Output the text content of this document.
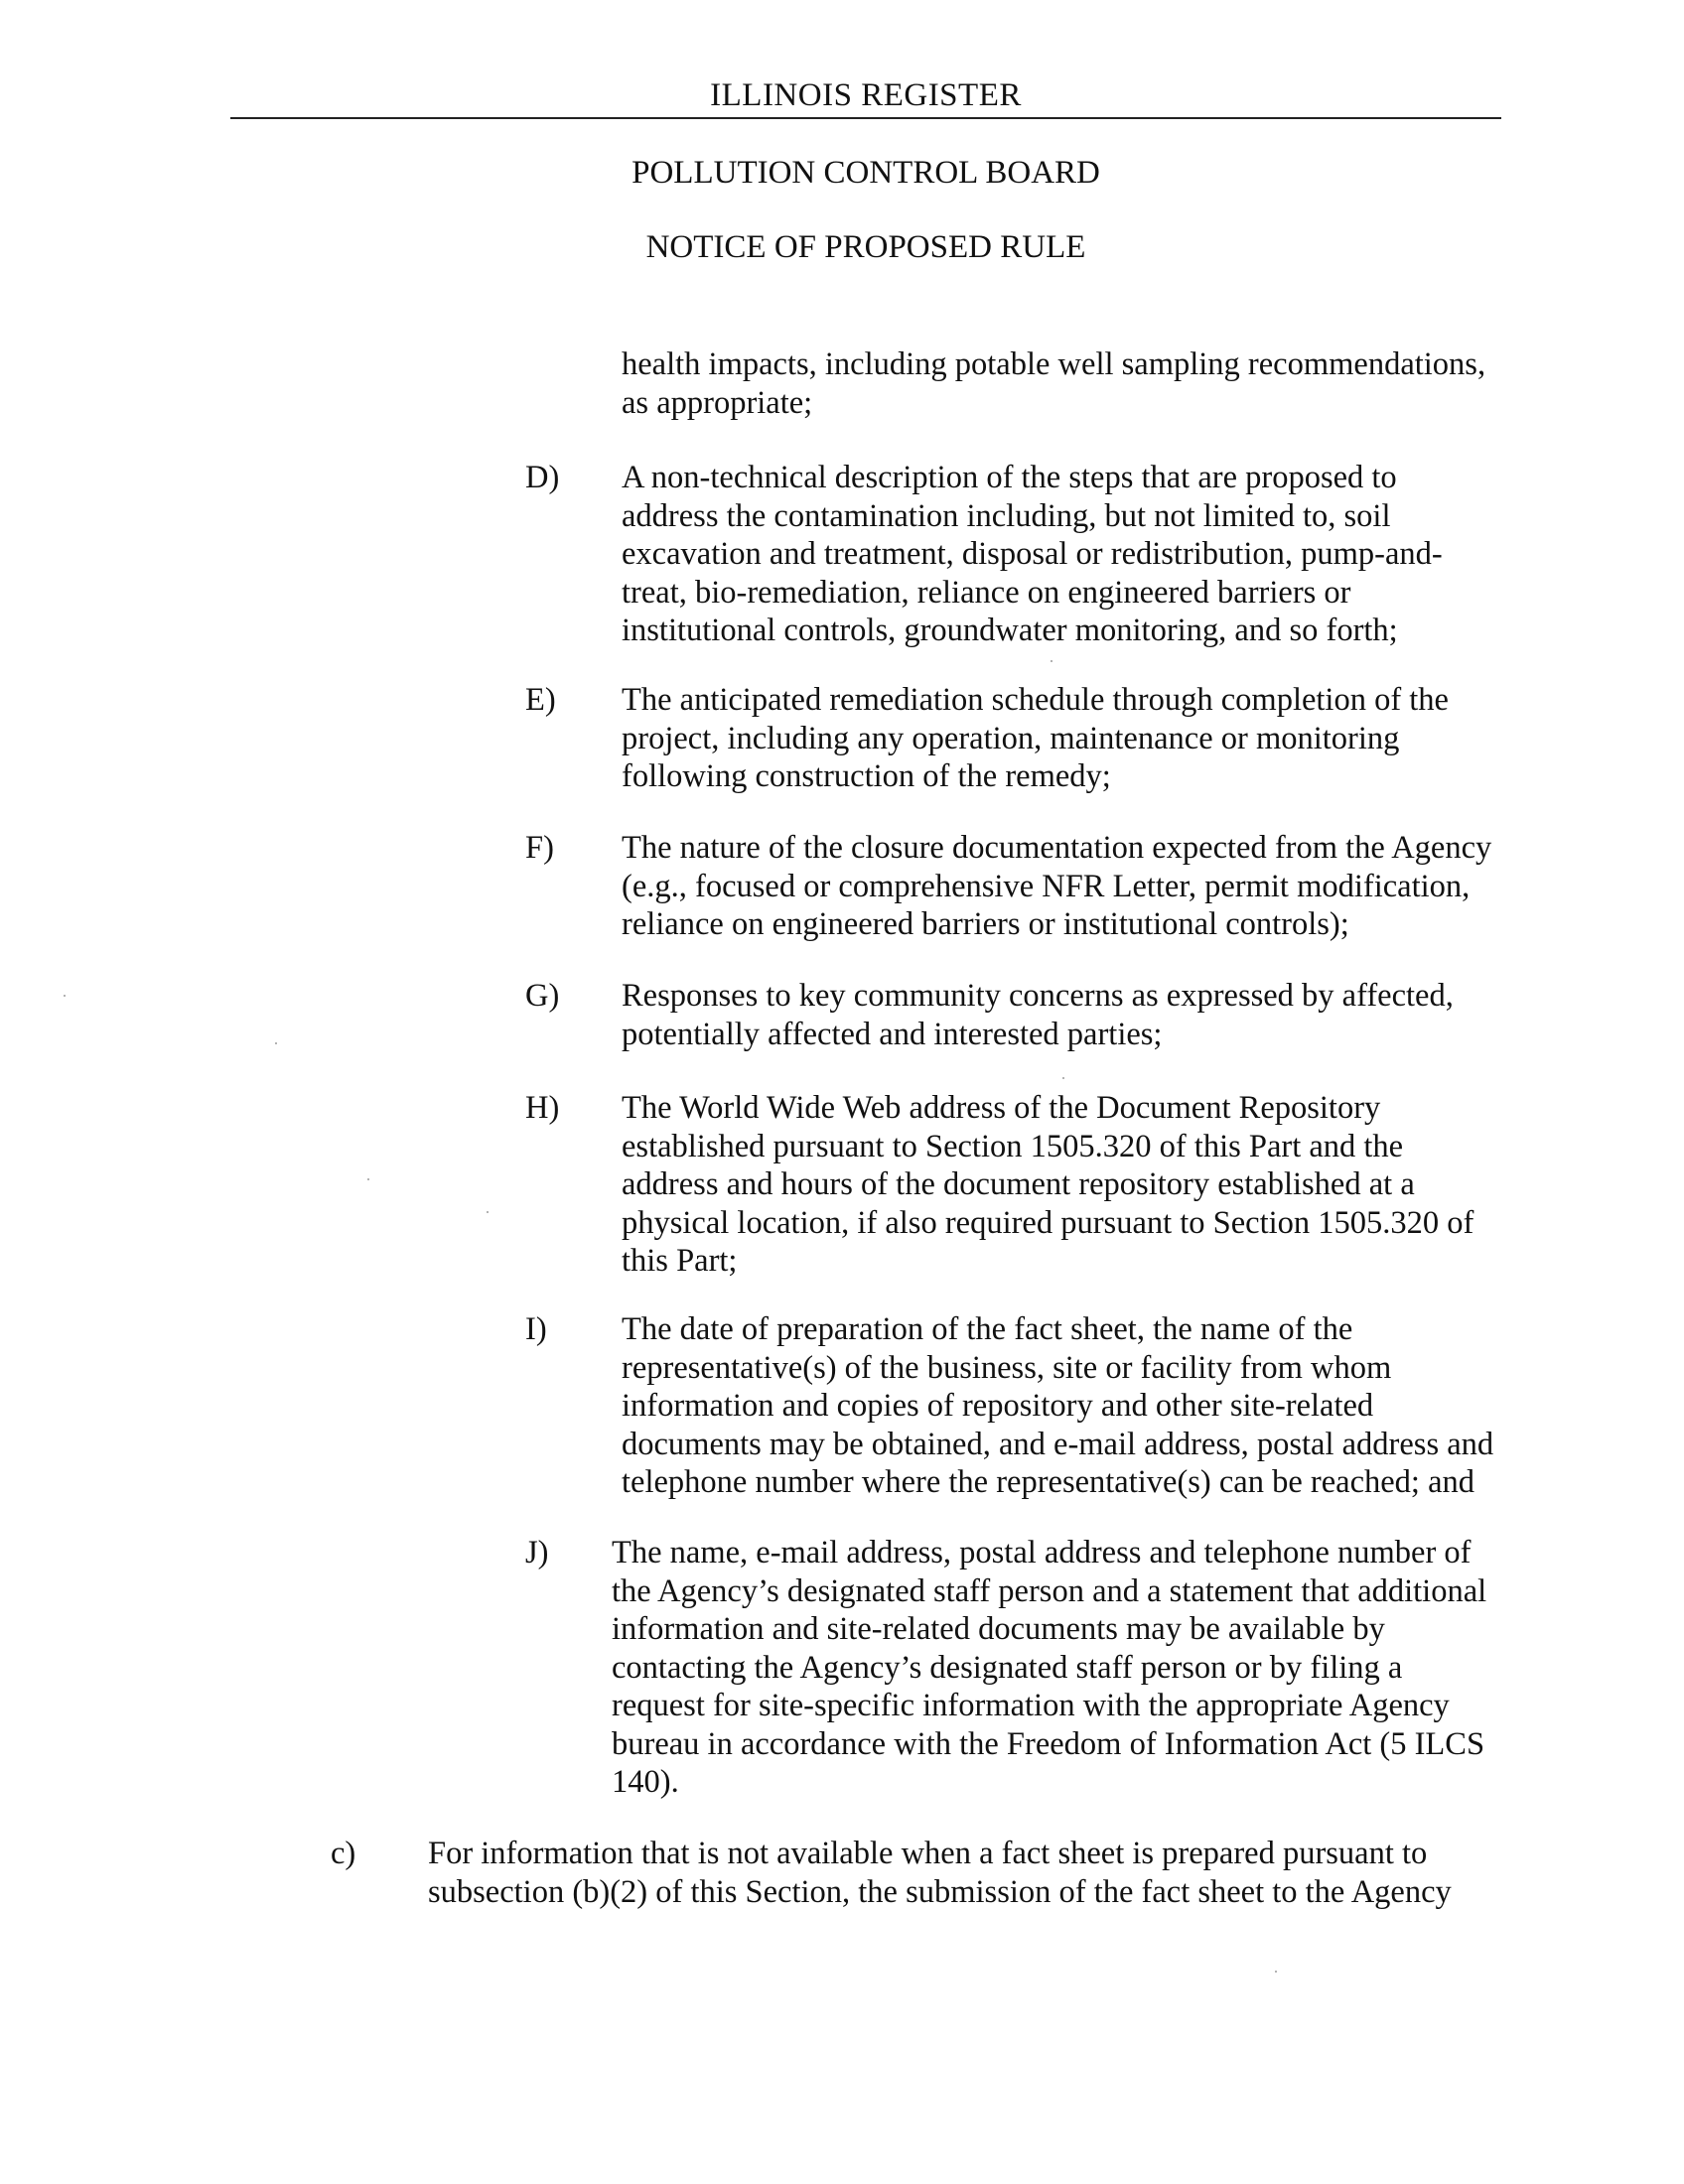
ILLINOIS REGISTER
POLLUTION CONTROL BOARD
NOTICE OF PROPOSED RULE
health impacts, including potable well sampling recommendations,
as appropriate;
D) A non-technical description of the steps that are proposed to
address the contamination including, but not limited to, soil
excavation and treatment, disposal or redistribution, pump-and-
treat, bio-remediation, reliance on engineered barriers or
institutional controls, groundwater monitoring, and so forth;
E) The anticipated remediation schedule through completion of the
project, including any operation, maintenance or monitoring
following construction of the remedy;
F) The nature of the closure documentation expected from the Agency
(e.g., focused or comprehensive NFR Letter, permit modification,
reliance on engineered barriers or institutional controls);
G) Responses to key community concerns as expressed by affected,
potentially affected and interested parties;
H) The World Wide Web address of the Document Repository
established pursuant to Section 1505.320 of this Part and the
address and hours of the document repository established at a
physical location, if also required pursuant to Section 1505.320 of
this Part;
I) The date of preparation of the fact sheet, the name of the
representative(s) of the business, site or facility from whom
information and copies of repository and other site-related
documents may be obtained, and e-mail address, postal address and
telephone number where the representative(s) can be reached; and
J) The name, e-mail address, postal address and telephone number of
the Agency’s designated staff person and a statement that additional
information and site-related documents may be available by
contacting the Agency’s designated staff person or by filing a
request for site-specific information with the appropriate Agency
bureau in accordance with the Freedom of Information Act (5 ILCS
140).
c) For information that is not available when a fact sheet is prepared pursuant to
subsection (b)(2) of this Section, the submission of the fact sheet to the Agency
